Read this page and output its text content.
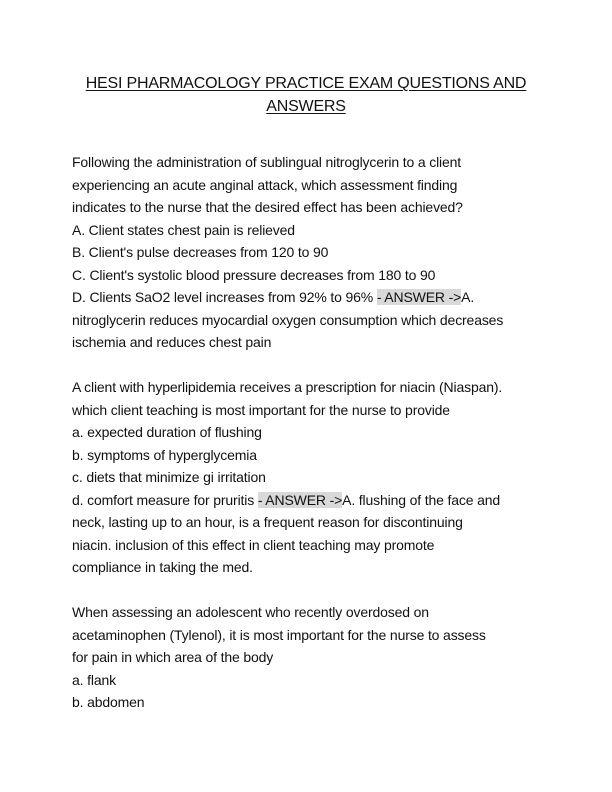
HESI PHARMACOLOGY PRACTICE EXAM QUESTIONS AND
ANSWERS
Following the administration of sublingual nitroglycerin to a client
experiencing an acute anginal attack, which assessment finding
indicates to the nurse that the desired effect has been achieved?
A. Client states chest pain is relieved
B. Client's pulse decreases from 120 to 90
C. Client's systolic blood pressure decreases from 180 to 90
D. Clients SaO2 level increases from 92% to 96% - ANSWER ->A.
nitroglycerin reduces myocardial oxygen consumption which decreases
ischemia and reduces chest pain
A client with hyperlipidemia receives a prescription for niacin (Niaspan).
which client teaching is most important for the nurse to provide
a. expected duration of flushing
b. symptoms of hyperglycemia
c. diets that minimize gi irritation
d. comfort measure for pruritis - ANSWER ->A. flushing of the face and
neck, lasting up to an hour, is a frequent reason for discontinuing
niacin. inclusion of this effect in client teaching may promote
compliance in taking the med.
When assessing an adolescent who recently overdosed on
acetaminophen (Tylenol), it is most important for the nurse to assess
for pain in which area of the body
a. flank
b. abdomen
